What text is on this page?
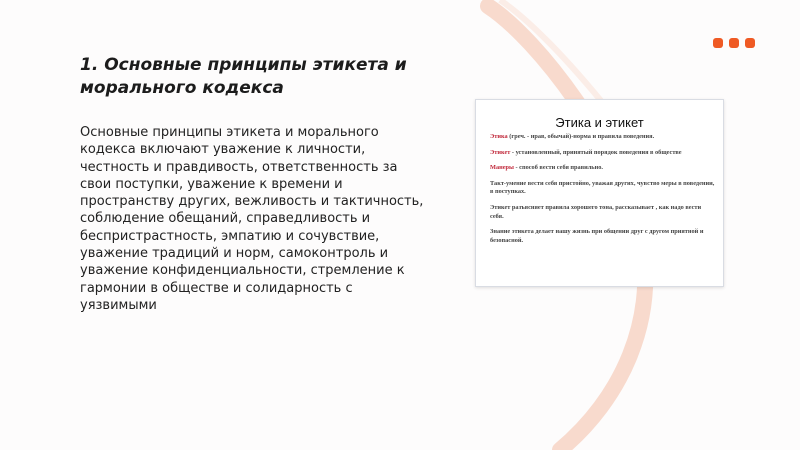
1. Основные принципы этикета и
морального кодекса

Основные принципы этикета и морального кодекса включают уважение к личности, честность и правдивость, ответственность за свои поступки, уважение к времени и пространству других, вежливость и тактичность, соблюдение обещаний, справедливость и беспристрастность, эмпатию и сочувствие, уважение традиций и норм, самоконтроль и уважение конфиденциальности, стремление к гармонии в обществе и солидарность с уязвимыми

Этика и этикет

Этика (греч. - нрав, обычай)-норма и правила поведения.

Этикет - установленный, принятый порядок поведения в обществе

Манеры - способ вести себя правильно.

Такт-умение вести себя пристойно, уважая других, чувство меры в поведении, в поступках.

Этикет разъясняет правила хорошего тона, рассказывает , как надо вести себя.

Знание этикета делает нашу жизнь при общении друг с другом приятной и безопасной.
